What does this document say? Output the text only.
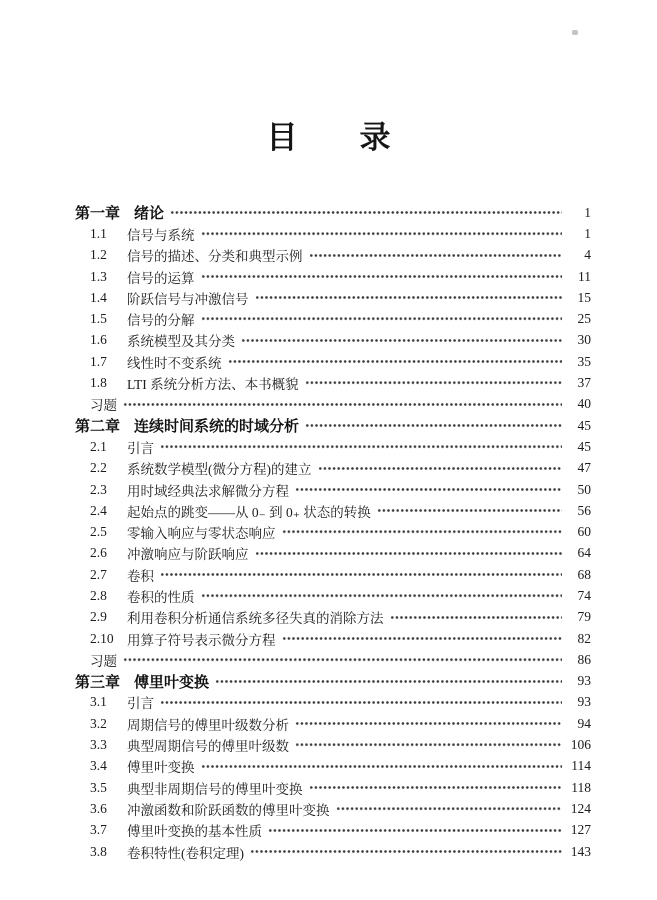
目　　录
第一章 绪论	1
1.1	信号与系统	1
1.2	信号的描述、分类和典型示例	4
1.3	信号的运算	11
1.4	阶跃信号与冲激信号	15
1.5	信号的分解	25
1.6	系统模型及其分类	30
1.7	线性时不变系统	35
1.8	LTI 系统分析方法、本书概貌	37
习题	40
第二章 连续时间系统的时域分析	45
2.1	引言	45
2.2	系统数学模型(微分方程)的建立	47
2.3	用时域经典法求解微分方程	50
2.4	起始点的跳变——从 0₋ 到 0₊ 状态的转换	56
2.5	零输入响应与零状态响应	60
2.6	冲激响应与阶跃响应	64
2.7	卷积	68
2.8	卷积的性质	74
2.9	利用卷积分析通信系统多径失真的消除方法	79
2.10 用算子符号表示微分方程	82
习题	86
第三章 傅里叶变换	93
3.1	引言	93
3.2	周期信号的傅里叶级数分析	94
3.3	典型周期信号的傅里叶级数	106
3.4	傅里叶变换	114
3.5	典型非周期信号的傅里叶变换	118
3.6	冲激函数和阶跃函数的傅里叶变换	124
3.7	傅里叶变换的基本性质	127
3.8	卷积特性(卷积定理)	143
